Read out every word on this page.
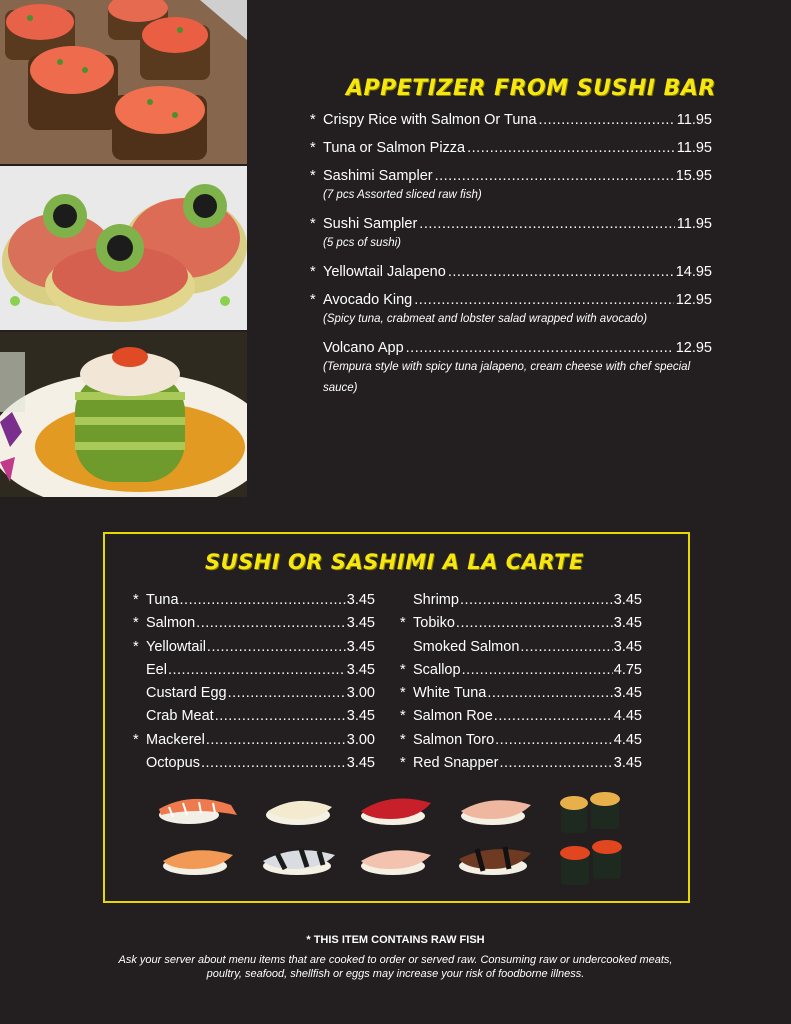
APPETIZER FROM SUSHI BAR
* Crispy Rice with Salmon Or Tuna .....	11.95
* Tuna or Salmon Pizza .....	11.95
* Sashimi Sampler .....	15.95
(7 pcs Assorted sliced raw fish)
* Sushi Sampler .....	11.95
(5 pcs of sushi)
* Yellowtail Jalapeno .....	14.95
* Avocado King .....	12.95
(Spicy tuna, crabmeat and lobster salad wrapped with avocado)
Volcano App .....	12.95
(Tempura style with spicy tuna jalapeno, cream cheese with chef special sauce)
SUSHI OR SASHIMI A LA CARTE
* Tuna .....	3.45
* Salmon .....	3.45
* Yellowtail .....	3.45
Eel .....	3.45
Custard Egg .....	3.00
Crab Meat .....	3.45
* Mackerel .....	3.00
Octopus .....	3.45
Shrimp .....	3.45
* Tobiko .....	3.45
Smoked Salmon .....	3.45
* Scallop .....	4.75
* White Tuna .....	3.45
* Salmon Roe .....	4.45
* Salmon Toro .....	4.45
* Red Snapper .....	3.45
* THIS ITEM CONTAINS RAW FISH
Ask your server about menu items that are cooked to order or served raw. Consuming raw or undercooked meats,
poultry, seafood, shellfish or eggs may increase your risk of foodborne illness.
